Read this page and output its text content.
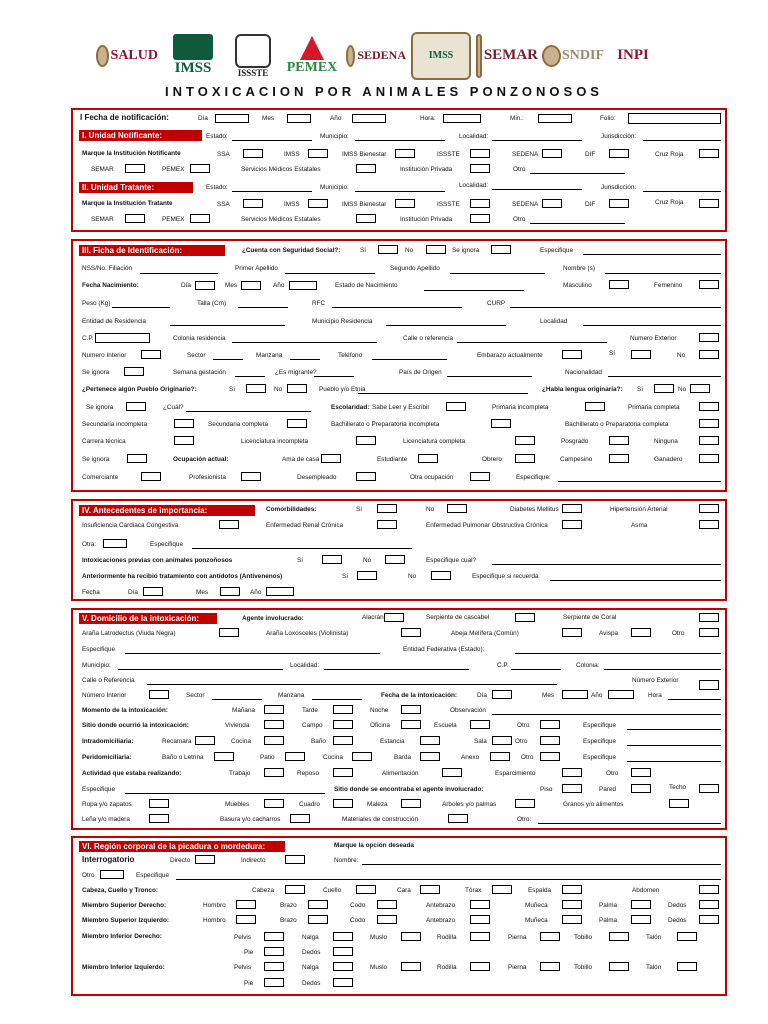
SALUD
IMSS	ISSSTE PEMEX
SEDENA	IMSS	SEMAR SNDIF INPI
INTOXICACION POR ANIMALES PONZONOSOS
I Fecha de notificación:	Día	Mes	Año	Hora:	Min.:	Folio:
I. Unidad Notificante:	Estado:	Municipio:	Localidad:	Jurisdicción:
Marque la Institución Notificante	SSA	IMSS	IMSS Bienestar	ISSSTE	SEDENA	DIF	Cruz Roja
SEMAR	PEMEX	Servicios Médicos Estatales	Institución Privada	Otro
II. Unidad Tratante:	Estado:	Municipio:	Localidad:	Jurisdicción:
Marque la Institución Tratante	SSA	IMSS	IMSS Bienestar	ISSSTE	SEDENA	DIF	Cruz Roja
SEMAR	PEMEX	Servicios Médicos Estatales	Institución Privada	Otro
III. Ficha de Identificación:	¿Cuenta con Seguridad Social?:	Sí	No	Se ignora	Especifique
NSS/No. Filiación	Primer Apellido	Segundo Apellido	Nombre (s)
Fecha Nacimiento:	Día	Mes	Año	Estado de Nacimiento	Masculino	Femenino
Peso (Kg)	Talla (Cm)	RFC	CURP
Entidad de Residencia	Municipio Residencia	Localidad
C.P.	Colonia residencia	Calle o referencia	Numero Exterior
Numero Interior	Sector	Manzana	Teléfono	Embarazo actualmente	Sí	No
Se ignora	Semana gestación	¿Es migrante?	País de Origen	Nacionalidad
¿Pertenece algún Pueblo Originario?:	Sí	No	Pueblo y/o Etnia	¿Habla lengua originaria?: Sí	No
Se ignora	¿Cuál?	Escolaridad: Sabe Leer y Escribir	Primaria incompleta	Primaria completa
Secundaria incompleta	Secundaria completa	Bachillerato o Preparatoria incompleta	Bachillerato o Preparatoria completa
Carrera técnica	Licenciatura incompleta	Licenciatura completa	Posgrado	Ninguna
Se ignora	Ocupación actual:	Ama de casa	Estudiante	Obrero	Campesino	Ganadero
Comerciante	Profesionista	Desempleado	Otra ocupación	Especifique:
IV. Antecedentes de importancia:	Comorbilidades:	Sí	No	Diabetes Mellitus	Hipertensión Arterial
Insuficiencia Cardiaca Congestiva	Enfermedad Renal Crónica	Enfermedad Pulmonar Obstructiva Crónica	Asma
Otra:	Especifique
Intoxicaciones previas con animales ponzoñosos	Sí	No	Especifique cual?
Anteriormente ha recibió tratamiento con antídotos (Antivenenos)	Sí	No	Especifique si recuerda
Fecha	Día	Mes	Año
V. Domicilio de la intoxicación:	Agente involucrado:	Alacrán	Serpiente de cascabel	Serpiente de Coral
Araña Latrodectus (Viuda Negra)	Araña Loxosceles (Violinista)	Abeja Melífera (Común)	Avispa	Otro
Especifique	Entidad Federativa (Estado):
Municipio:	Localidad:	C.P.	Colonia:
Calle o Referencia	Número Exterior
Número Interior	Sector	Manzana	Fecha de la intoxicación:	Día	Mes	Año	Hora
Momento de la intoxicación:	Mañana	Tarde	Noche	Observación
Sitio donde ocurrió la intoxicación:	Vivienda	Campo	Oficina	Escuela	Otro	Especifique
Intradomiciliaria:	Recamara	Cocina	Baño	Estancia	Sala	Otro	Especifique
Peridomiciliaria:	Baño o Letrina	Patio	Cocina	Barda	Anexo	Otro	Especifique
Actividad que estaba realizando:	Trabajo	Reposo	Alimentación	Esparcimiento	Otro
Especifique	Sitio donde se encontraba el agente involucrado:	Piso	Pared	Techo
Ropa y/o zapatos	Muebles	Cuadro	Maleza	Arboles y/o palmas	Granos y/o alimentos
Leña y/o madera	Basura y/o cacharros	Materiales de construcción	Otro:
VI. Región corporal de la picadura o mordedura:	Marque la opción deseada
Interrogatorio	Directo	Indirecto	Nombre:
Otro	Especifique
Cabeza, Cuello y Tronco:	Cabeza	Cuello	Cara	Tórax	Espalda	Abdomen
Miembro Superior Derecho:	Hombro	Brazo	Codo	Antebrazo	Muñeca	Palma	Dedos
Miembro Superior Izquierdo:	Hombro	Brazo	Codo	Antebrazo	Muñeca	Palma	Dedos
Miembro Inferior Derecho:	Pelvis	Nalga	Muslo	Rodilla	Pierna	Tobillo	Talón
Pie	Dedos
Miembro Inferior Izquierdo:	Pelvis	Nalga	Muslo	Rodilla	Pierna	Tobillo	Talón
Pie	Dedos
